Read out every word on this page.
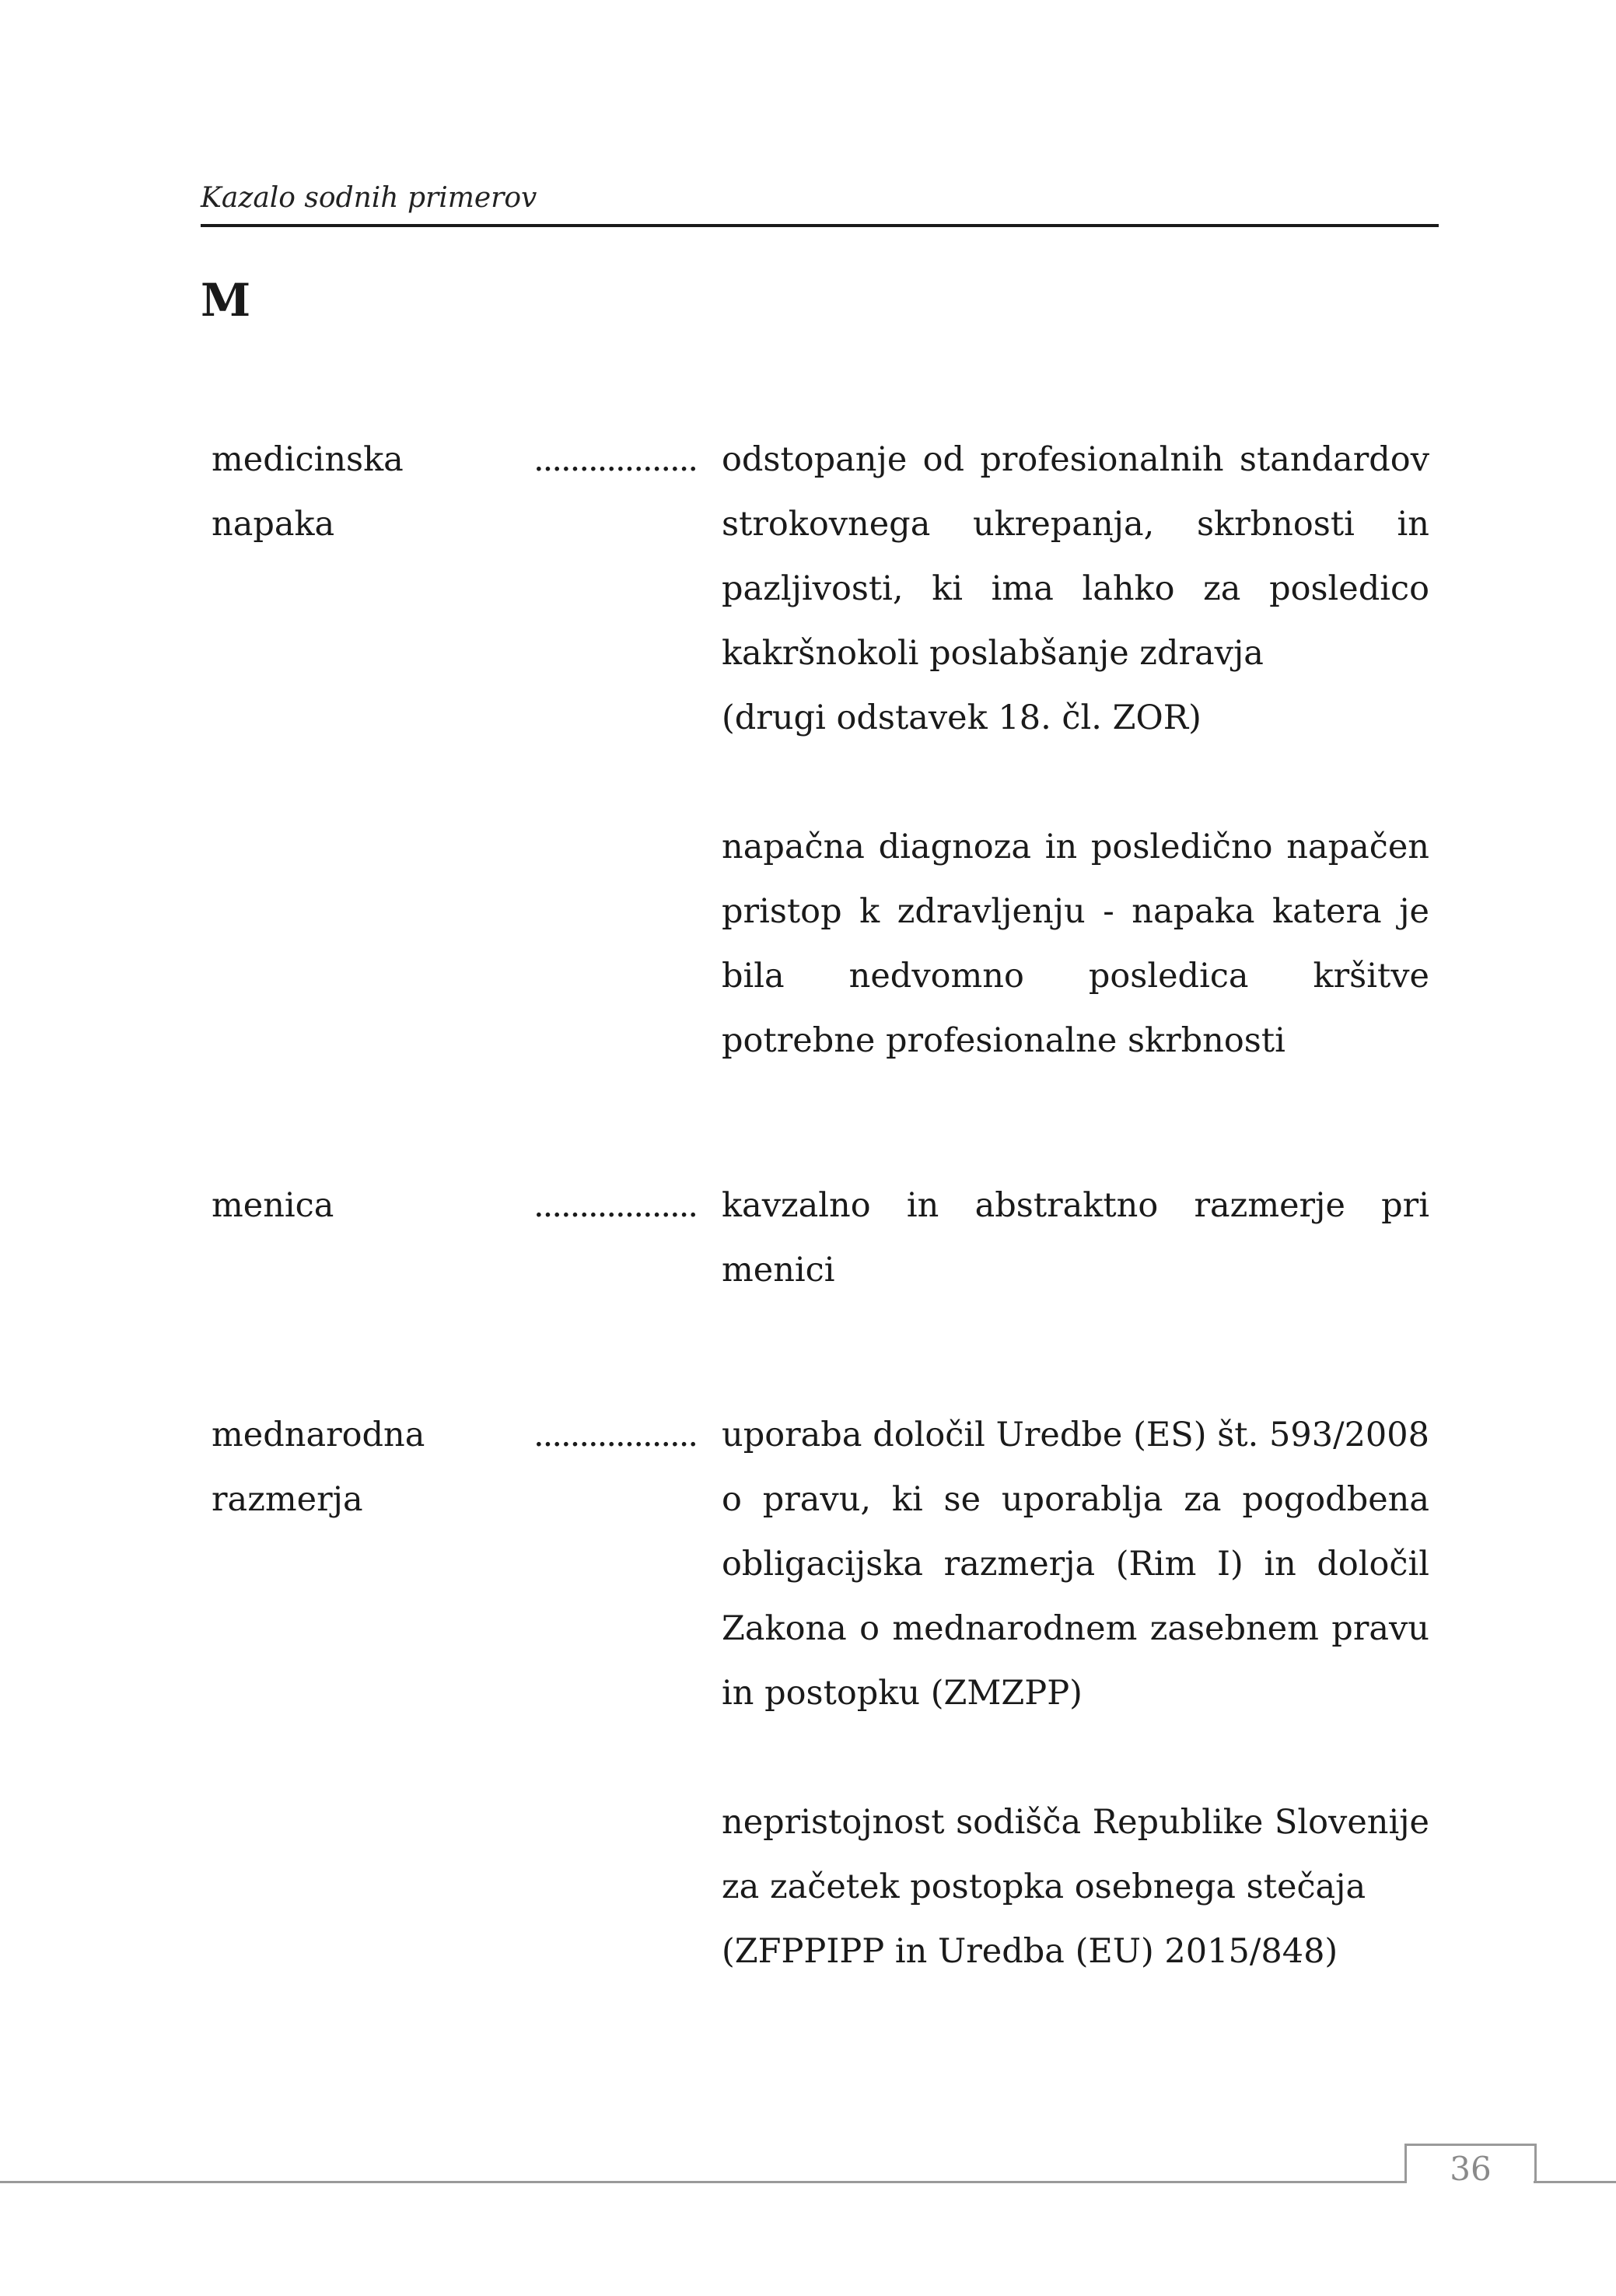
Kazalo sodnih primerov
M
medicinska napaka
.................. odstopanje od profesionalnih standardov strokovnega ukrepanja, skrbnosti in pazljivosti, ki ima lahko za posledico kakršnokoli poslabšanje zdravja
(drugi odstavek 18. čl. ZOR)
napačna diagnoza in posledično napačen pristop k zdravljenju - napaka katera je bila nedvomno posledica kršitve potrebne profesionalne skrbnosti
menica	.................. kavzalno in abstraktno razmerje pri menici
mednarodna
razmerja
.................. uporaba določil Uredbe (ES) št. 593/2008 o pravu, ki se uporablja za pogodbena obligacijska razmerja (Rim I) in določil Zakona o mednarodnem zasebnem pravu in postopku (ZMZPP)
nepristojnost sodišča Republike Slovenije za začetek postopka osebnega stečaja
(ZFPPIPP in Uredba (EU) 2015/848)
36
